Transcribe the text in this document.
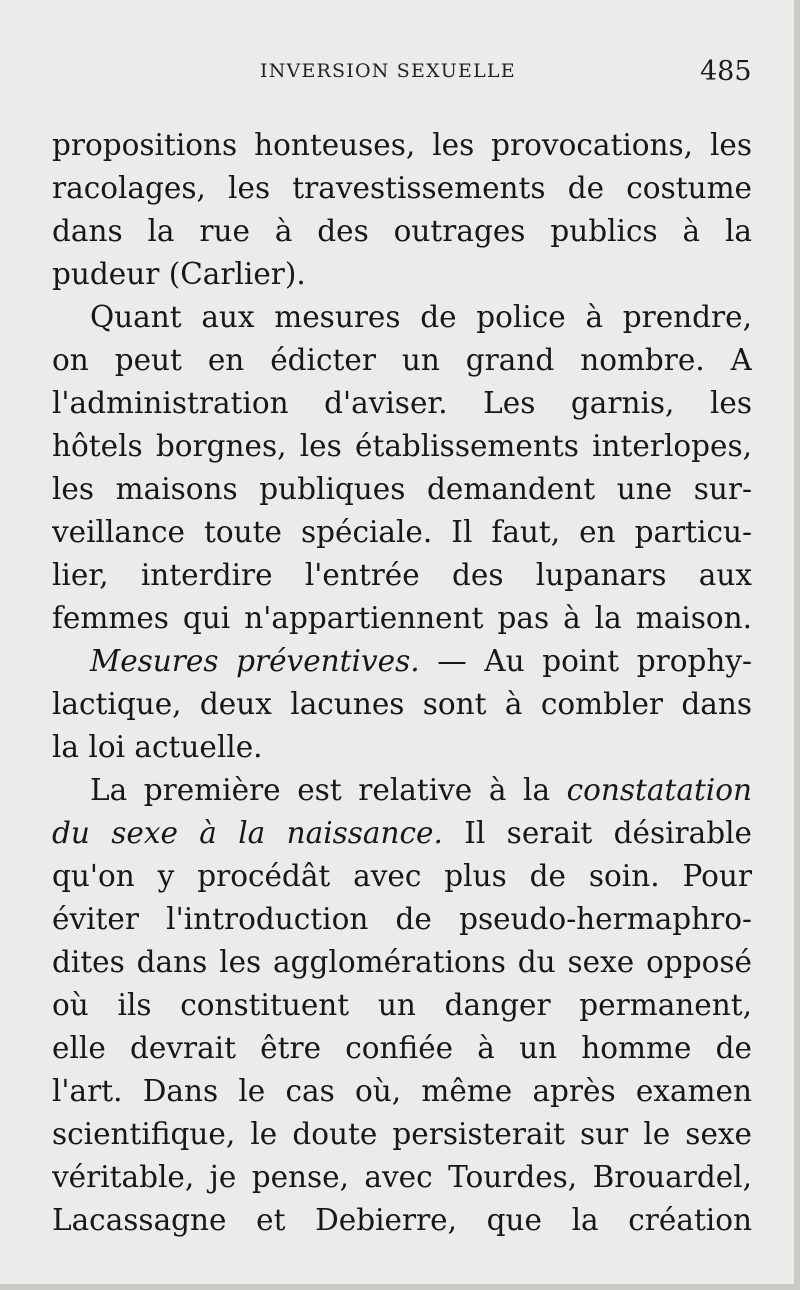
INVERSION SEXUELLE	485
propositions honteuses, les provocations, les
racolages, les travestissements de costume
dans la rue à des outrages publics à la
pudeur (Carlier).
Quant aux mesures de police à prendre,
on peut en édicter un grand nombre. A
l'administration d'aviser. Les garnis, les
hôtels borgnes, les établissements interlopes,
les maisons publiques demandent une sur-
veillance toute spéciale. Il faut, en particu-
lier, interdire l'entrée des lupanars aux
femmes qui n'appartiennent pas à la maison.
Mesures préventives. — Au point prophy-
lactique, deux lacunes sont à combler dans
la loi actuelle.
La première est relative à la constatation
du sexe à la naissance. Il serait désirable
qu'on y procédât avec plus de soin. Pour
éviter l'introduction de pseudo-hermaphro-
dites dans les agglomérations du sexe opposé
où ils constituent un danger permanent,
elle devrait être confiée à un homme de
l'art. Dans le cas où, même après examen
scientifique, le doute persisterait sur le sexe
véritable, je pense, avec Tourdes, Brouardel,
Lacassagne et Debierre, que la création
